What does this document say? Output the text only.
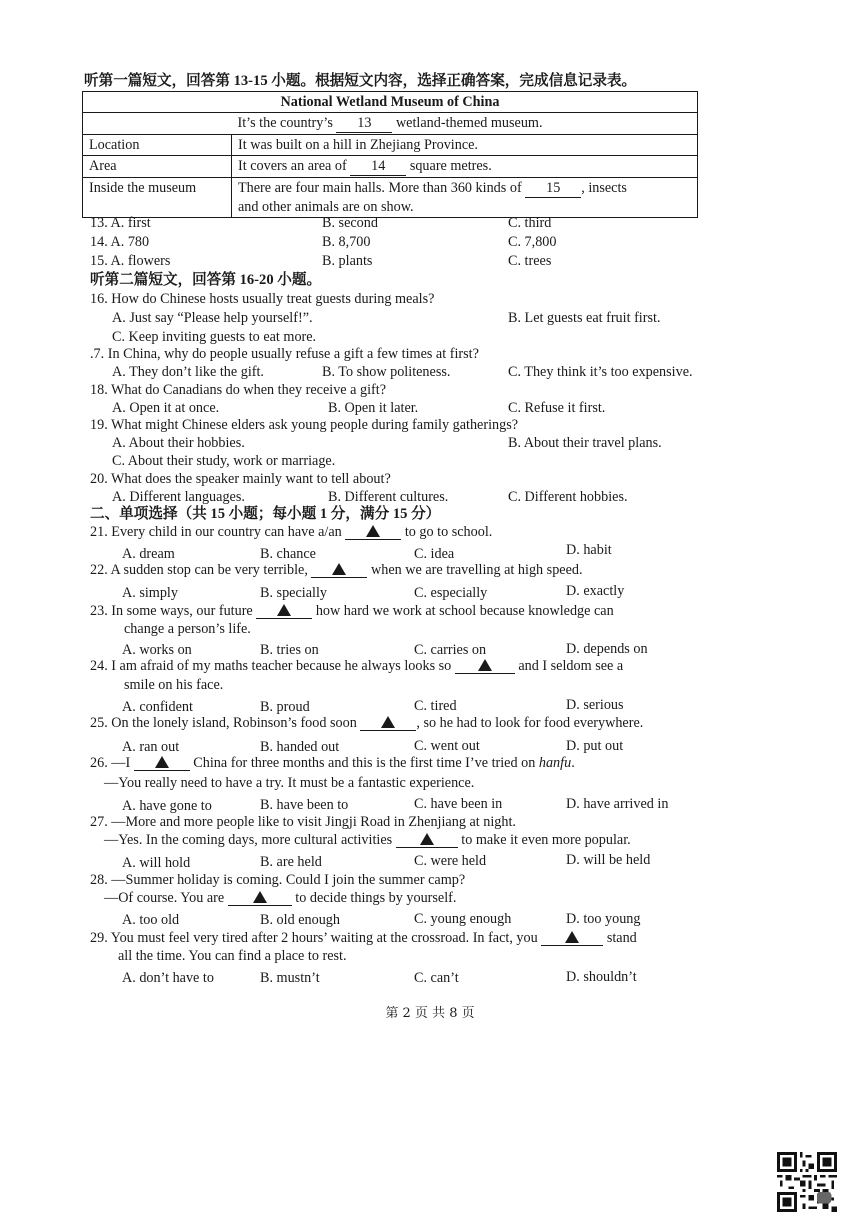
听第一篇短文，回答第 13-15 小题。根据短文内容，选择正确答案，完成信息记录表。
National Wetland Museum of China	
It’s the country’s 13 wetland-themed museum.	
Location	It was built on a hill in Zhejiang Province.
Area	It covers an area of 14 square metres.
Inside the museum	There are four main halls. More than 360 kinds of 15 , insects
and other animals are on show.
13. A. first	B. second	C. third
14. A. 780	B. 8,700	C. 7,800
15. A. flowers	B. plants	C. trees
听第二篇短文，回答第 16-20 小题。
16. How do Chinese hosts usually treat guests during meals?
A. Just say “Please help yourself!”.	B. Let guests eat fruit first.
C. Keep inviting guests to eat more.
.7. In China, why do people usually refuse a gift a few times at first?
A. They don’t like the gift.	B. To show politeness.	C. They think it’s too expensive.
18. What do Canadians do when they receive a gift?
A. Open it at once.	B. Open it later.	C. Refuse it first.
19. What might Chinese elders ask young people during family gatherings?
A. About their hobbies.	B. About their travel plans.
C. About their study, work or marriage.
20. What does the speaker mainly want to tell about?
A. Different languages.	B. Different cultures.	C. Different hobbies.
二、单项选择（共 15 小题；每小题 1 分，满分 15 分）
21. Every child in our country can have a/an	to go to school.
A. dream	B. chance	C. idea	D. habit
22. A sudden stop can be very terrible,	when we are travelling at high speed.
A. simply	B. specially	C. especially	D. exactly
23. In some ways, our future	how hard we work at school because knowledge can
change a person’s life.
A. works on	B. tries on	C. carries on	D. depends on
24. I am afraid of my maths teacher because he always looks so	and I seldom see a
smile on his face.
A. confident	B. proud	C. tired	D. serious
25. On the lonely island, Robinson’s food soon	, so he had to look for food everywhere.
A. ran out	B. handed out	C. went out	D. put out
26. —I	China for three months and this is the first time I’ve tried on hanfu.
—You really need to have a try. It must be a fantastic experience.
A. have gone to	B. have been to	C. have been in	D. have arrived in
27. —More and more people like to visit Jingji Road in Zhenjiang at night.
—Yes. In the coming days, more cultural activities	to make it even more popular.
A. will hold	B. are held	C. were held	D. will be held
28. —Summer holiday is coming. Could I join the summer camp?
—Of course. You are	to decide things by yourself.
A. too old	B. old enough	C. young enough	D. too young
29. You must feel very tired after 2 hours’ waiting at the crossroad. In fact, you	stand
all the time. You can find a place to rest.
A. don’t have to	B. mustn’t	C. can’t	D. shouldn’t
第 2 页 共 8 页
